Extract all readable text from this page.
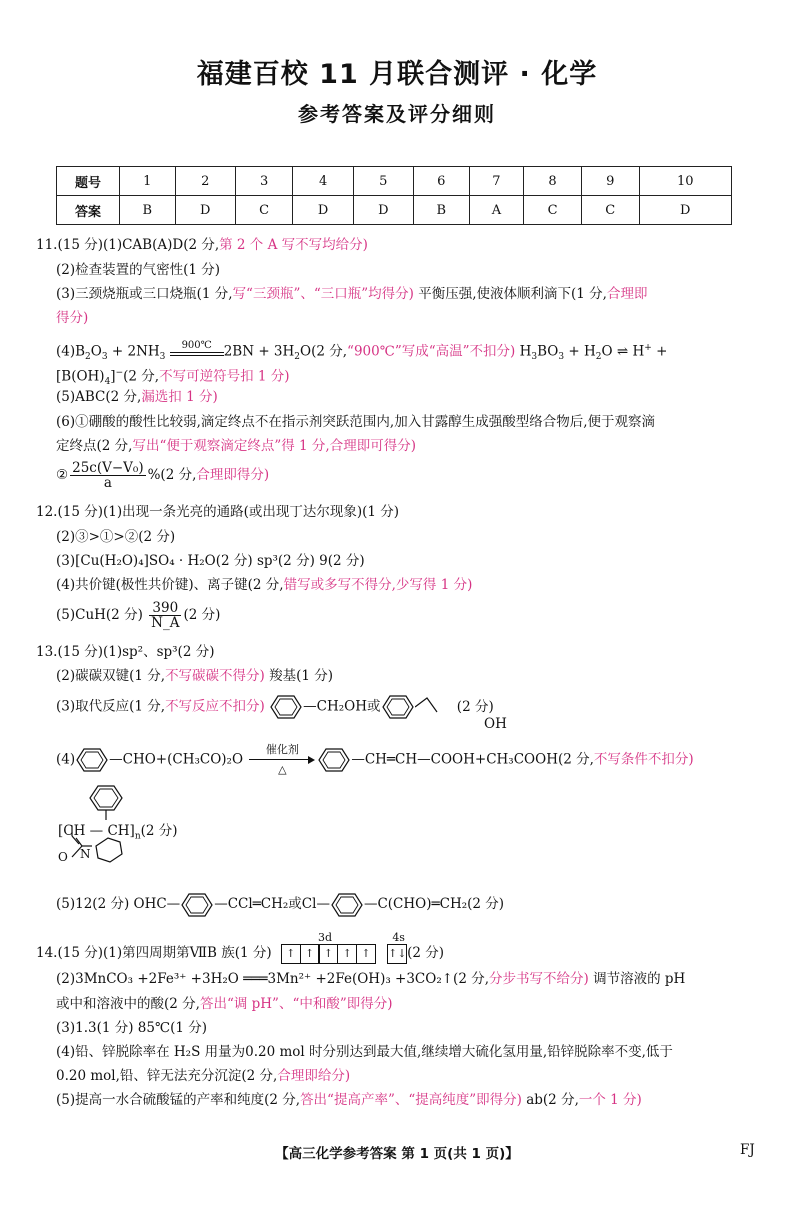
福建百校 11 月联合测评 · 化学
参考答案及评分细则
题号	1	2	3	4	5	6	7	8	9	10
答案	B	D	C	D	D	B	A	C	C	D
11.(15 分)(1)CAB(A)D(2 分,第 2 个 A 写不写均给分)
(2)检查装置的气密性(1 分)
(3)三颈烧瓶或三口烧瓶(1 分,写“三颈瓶”、“三口瓶”均得分) 平衡压强,使液体顺利滴下(1 分,合理即
得分)
$(4)B_2O_3 + 2NH_3$
900℃ $2BN + 3H_2O(2$ 分,“900℃”写成“高温”不扣分) $H_3BO_3 + H_2O$ ⇌ H+ +
$[B(OH)_4]^-(2$ 分,不写可逆符号扣 1 分)
(5)ABC(2 分,漏选扣 1 分)
(6)①硼酸的酸性比较弱,滴定终点不在指示剂突跃范围内,加入甘露醇生成强酸型络合物后,便于观察滴
定终点(2 分,写出“便于观察滴定终点”得 1 分,合理即可得分)
② $\frac{\text{25c(V−V₀)}}{a} \%(2$ 分,合理即得分)
12.(15 分)(1)出现一条光亮的通路(或出现丁达尔现象)(1 分)
(2)③>①>②(2 分)
(3)[Cu(H₂O)₄]SO₄ · H₂O(2 分) sp³(2 分) 9(2 分)
(4)共价键(极性共价键)、离子键(2 分,错写或多写不得分,少写得 1 分)
(5)CuH(2 分) $\frac{390}{N\_A} (2$ 分)
13.(15 分)(1)sp²、sp³(2 分)
(2)碳碳双键(1 分,不写碳碳不得分) 羧基(1 分)
(3)取代反应(1 分,不写反应不扣分)	—CH₂OH或	(2 分)
OH
(4)	—CHO+(CH₃CO)₂O
催化剂
△
—CH═CH—COOH+CH₃COOH(2 分,不写条件不扣分)
[CH — $CH]_n(2$ 分)
O N
(5)12(2 分) OHC—	—CCl═CH₂或Cl—	—C(CHO)═CH₂(2 分)
14.(15 分)(1)第四周期第ⅦB 族(1 分)
3d
↑ ↑ ↑ ↑ ↑
4s
↑↓(2 分)
(2)3MnCO₃ +2Fe³⁺ +3H₂O ═══3Mn²⁺ +2Fe(OH)₃ +3CO₂↑(2 分,分步书写不给分) 调节溶液的 pH
或中和溶液中的酸(2 分,答出“调 pH”、“中和酸”即得分)
(3)1.3(1 分) 85℃(1 分)
(4)铅、锌脱除率在 H₂S 用量为0.20 mol 时分别达到最大值,继续增大硫化氢用量,铅锌脱除率不变,低于
0.20 mol,铅、锌无法充分沉淀(2 分,合理即给分)
(5)提高一水合硫酸锰的产率和纯度(2 分,答出“提高产率”、“提高纯度”即得分) ab(2 分,一个 1 分)
【高三化学参考答案 第 1 页(共 1 页)】	FJ
